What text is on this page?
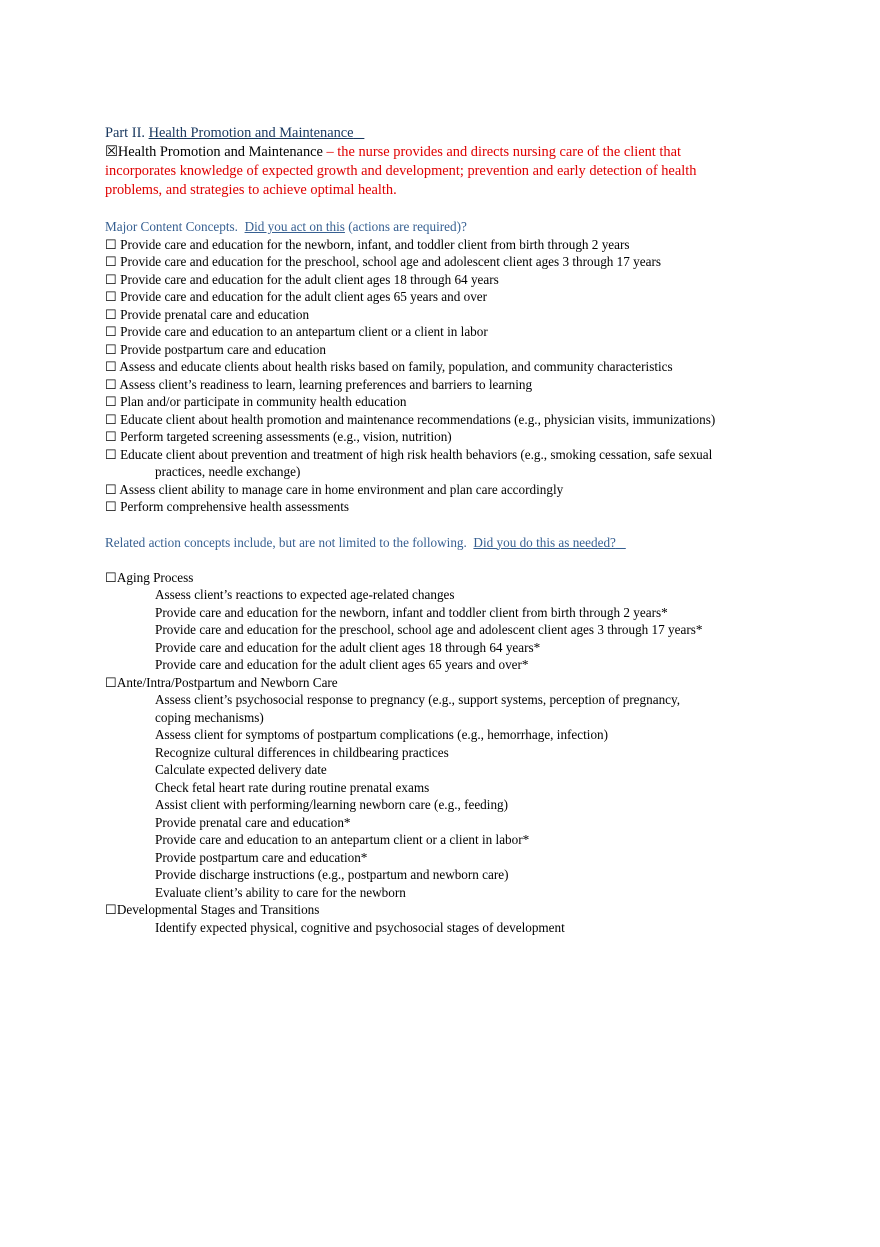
Part II. Health Promotion and Maintenance

☒Health Promotion and Maintenance – the nurse provides and directs nursing care of the client that incorporates knowledge of expected growth and development; prevention and early detection of health problems, and strategies to achieve optimal health.

Major Content Concepts.  Did you act on this (actions are required)?

☐ Provide care and education for the newborn, infant, and toddler client from birth through 2 years

☐ Provide care and education for the preschool, school age and adolescent client ages 3 through 17 years

☐ Provide care and education for the adult client ages 18 through 64 years

☐ Provide care and education for the adult client ages 65 years and over

☐ Provide prenatal care and education

☐ Provide care and education to an antepartum client or a client in labor

☐ Provide postpartum care and education

☐ Assess and educate clients about health risks based on family, population, and community characteristics

☐ Assess client’s readiness to learn, learning preferences and barriers to learning

☐ Plan and/or participate in community health education

☐ Educate client about health promotion and maintenance recommendations (e.g., physician visits, immunizations)

☐ Perform targeted screening assessments (e.g., vision, nutrition)

☐ Educate client about prevention and treatment of high risk health behaviors (e.g., smoking cessation, safe sexual practices, needle exchange)

☐ Assess client ability to manage care in home environment and plan care accordingly

☐ Perform comprehensive health assessments

Related action concepts include, but are not limited to the following.  Did you do this as needed?

☐Aging Process

Assess client’s reactions to expected age-related changes

Provide care and education for the newborn, infant and toddler client from birth through 2 years*

Provide care and education for the preschool, school age and adolescent client ages 3 through 17 years*

Provide care and education for the adult client ages 18 through 64 years*

Provide care and education for the adult client ages 65 years and over*

☐Ante/Intra/Postpartum and Newborn Care

Assess client’s psychosocial response to pregnancy (e.g., support systems, perception of pregnancy, coping mechanisms)

Assess client for symptoms of postpartum complications (e.g., hemorrhage, infection)

Recognize cultural differences in childbearing practices

Calculate expected delivery date

Check fetal heart rate during routine prenatal exams

Assist client with performing/learning newborn care (e.g., feeding)

Provide prenatal care and education*

Provide care and education to an antepartum client or a client in labor*

Provide postpartum care and education*

Provide discharge instructions (e.g., postpartum and newborn care)

Evaluate client’s ability to care for the newborn

☐Developmental Stages and Transitions

Identify expected physical, cognitive and psychosocial stages of development
